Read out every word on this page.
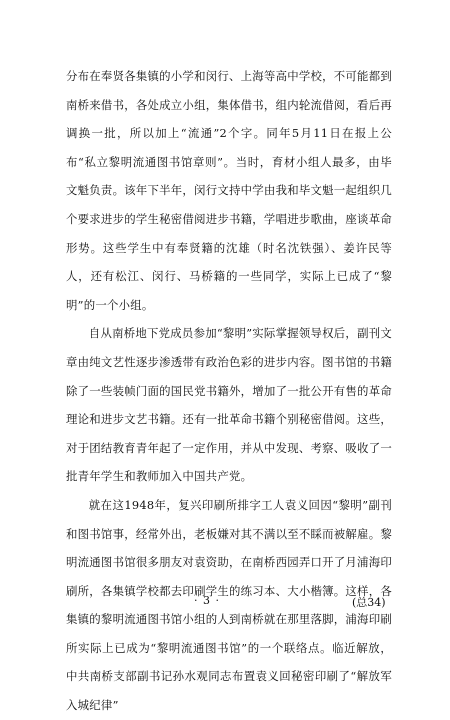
分布在奉贤各集镇的小学和闵行、上海等高中学校，不可能都到南桥来借书，各处成立小组，集体借书，组内轮流借阅，看后再调换一批，所以加上“流通”2个字。同年5月11日在报上公布“私立黎明流通图书馆章则”。当时，育材小组人最多，由毕文魁负责。该年下半年，闵行文持中学由我和毕文魁一起组织几个要求进步的学生秘密借阅进步书籍，学唱进步歌曲，座谈革命形势。这些学生中有奉贤籍的沈雄（时名沈铁强）、姜许民等人，还有松江、闵行、马桥籍的一些同学，实际上已成了“黎明”的一个小组。

自从南桥地下党成员参加“黎明”实际掌握领导权后，副刊文章由纯文艺性逐步渗透带有政治色彩的进步内容。图书馆的书籍除了一些装帧门面的国民党书籍外，增加了一批公开有售的革命理论和进步文艺书籍。还有一批革命书籍个别秘密借阅。这些，对于团结教育青年起了一定作用，并从中发现、考察、吸收了一批青年学生和教师加入中国共产党。

就在这1948年，复兴印刷所排字工人袁义回因“黎明”副刊和图书馆事，经常外出，老板嫌对其不满以至不睬而被解雇。黎明流通图书馆很多朋友对袁资助，在南桥西园弄口开了月浦海印刷所，各集镇学校都去印刷学生的练习本、大小楷簿。这样，各集镇的黎明流通图书馆小组的人到南桥就在那里落脚，浦海印刷所实际上已成为“黎明流通图书馆”的一个联络点。临近解放，中共南桥支部副书记孙水观同志布置袁义回秘密印刷了“解放军入城纪律”

· 3 ·	(总34)
